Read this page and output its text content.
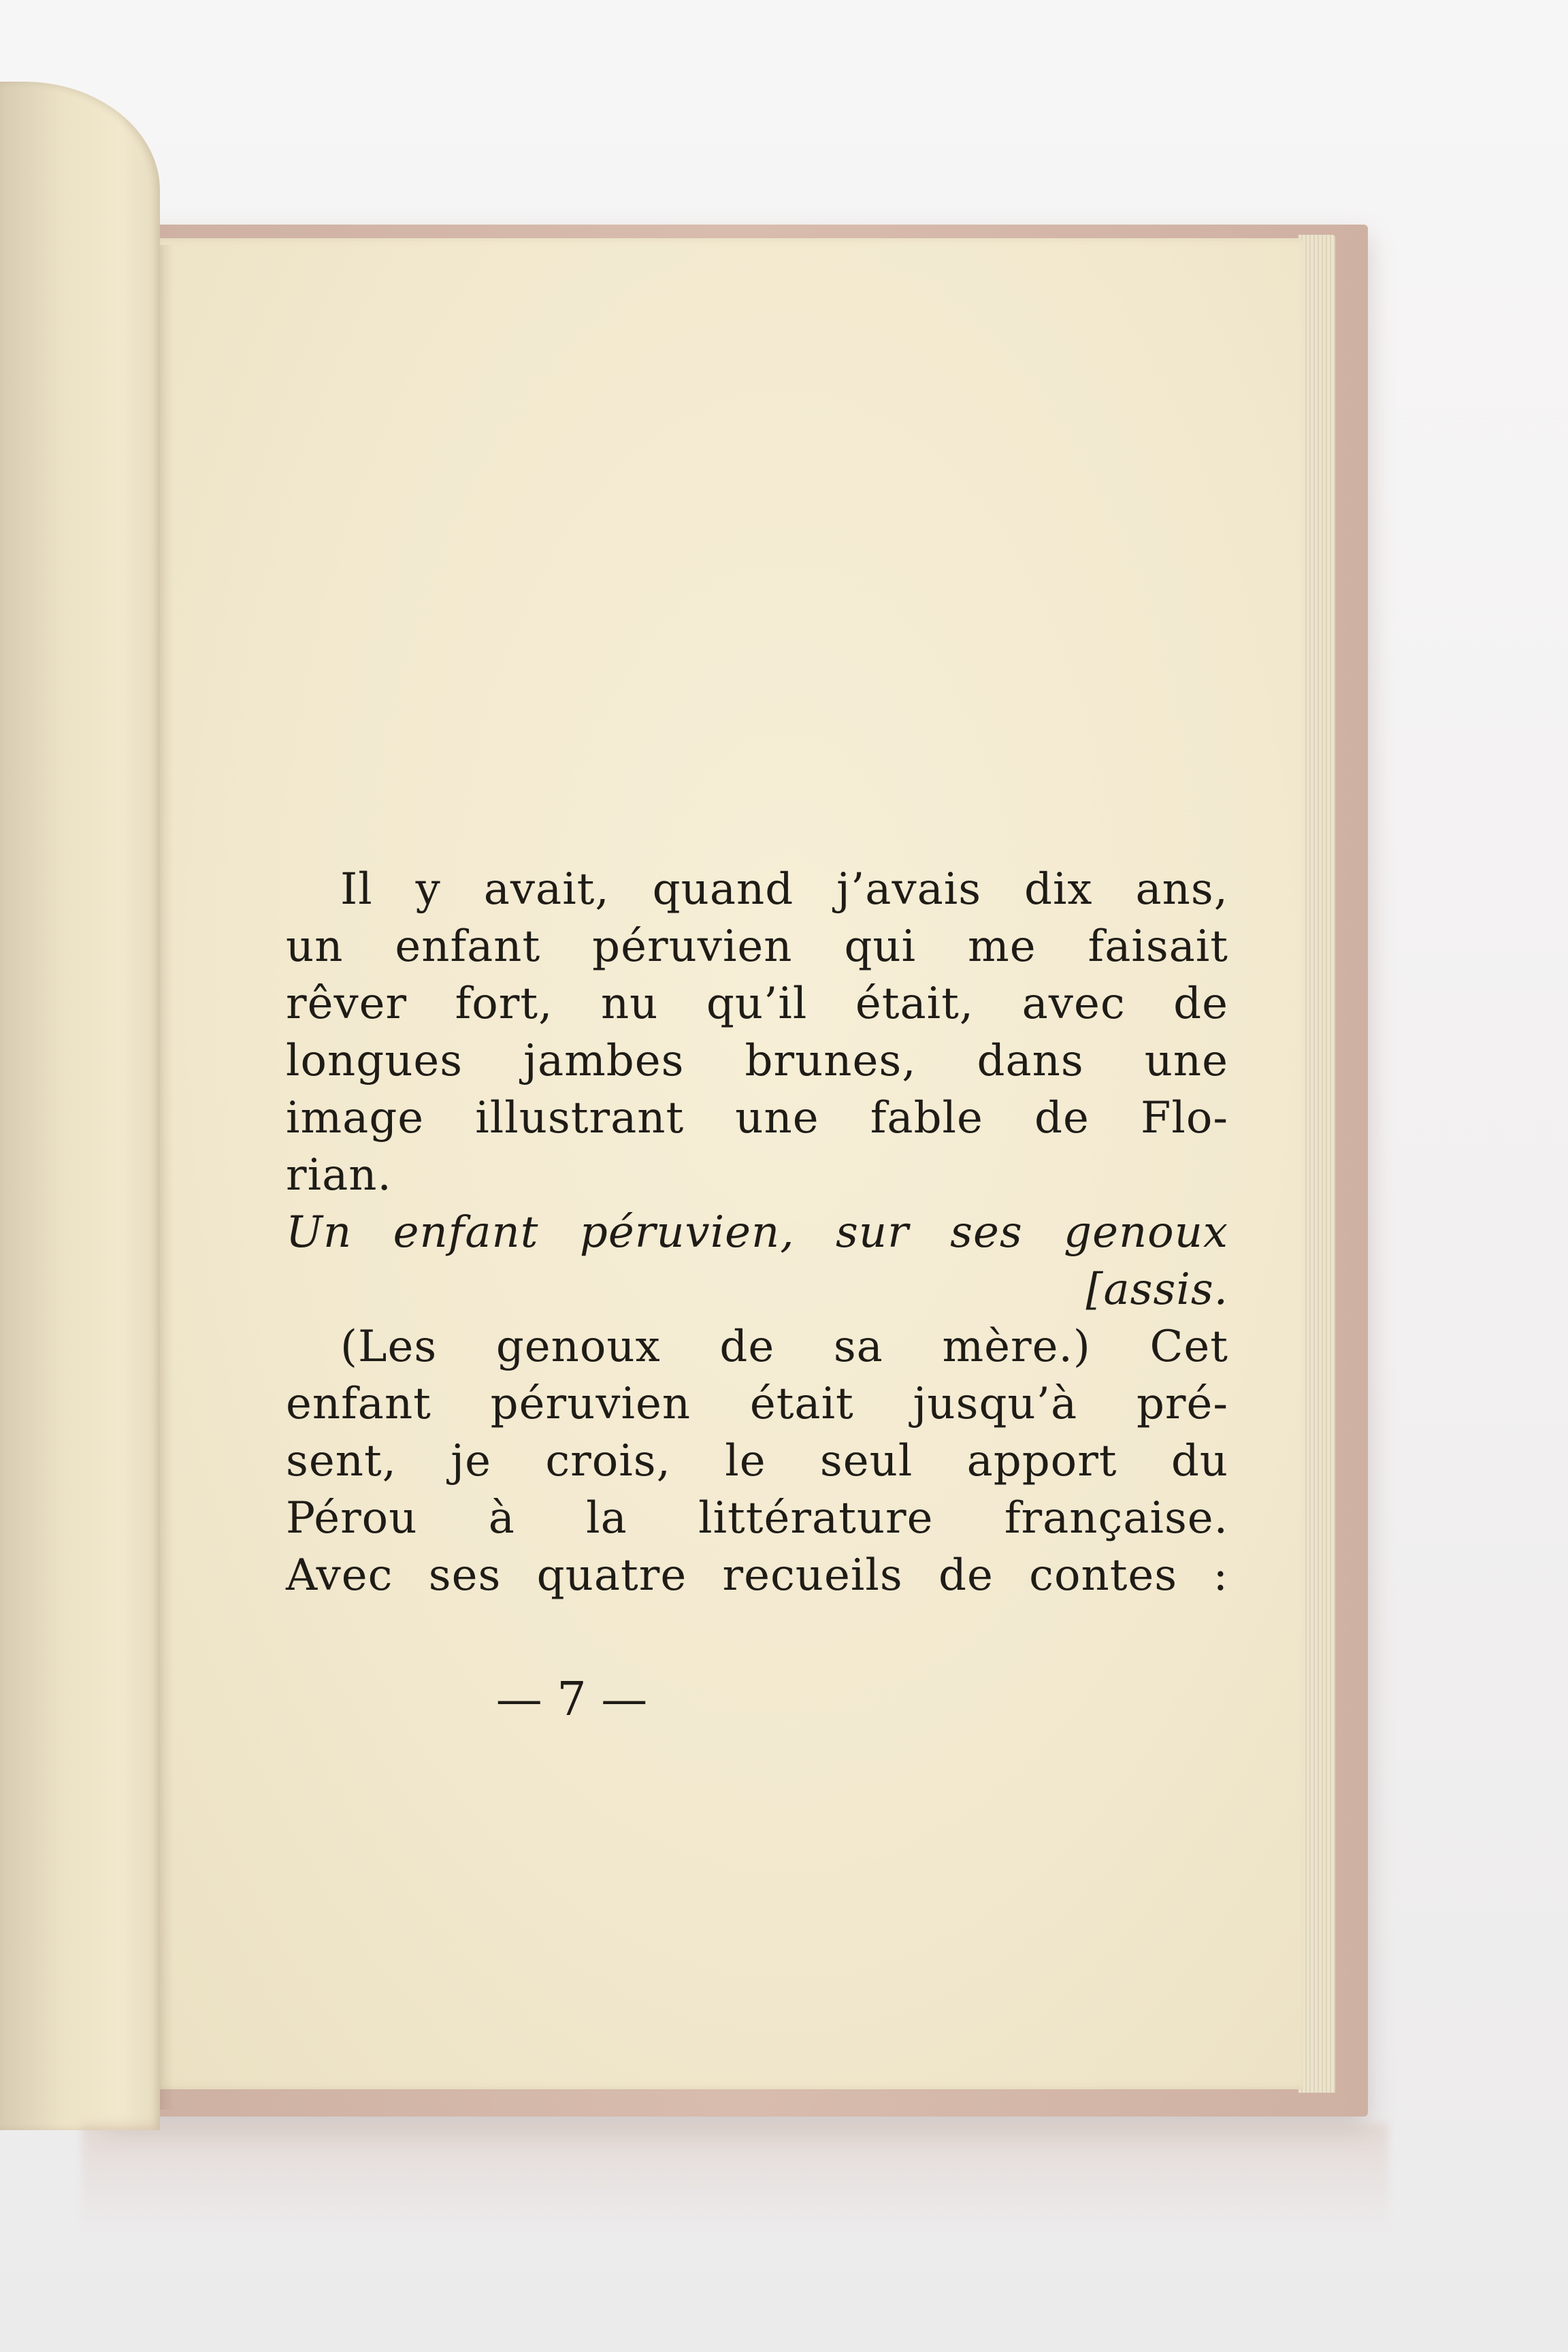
Il y avait, quand j’avais dix ans,
un enfant péruvien qui me faisait
rêver fort, nu qu’il était, avec de
longues jambes brunes, dans une
image illustrant une fable de Flo-
rian.
Un enfant péruvien, sur ses genoux
[assis.
(Les genoux de sa mère.) Cet
enfant péruvien était jusqu’à pré-
sent, je crois, le seul apport du
Pérou à la littérature française.
Avec ses quatre recueils de contes :
— 7 —
